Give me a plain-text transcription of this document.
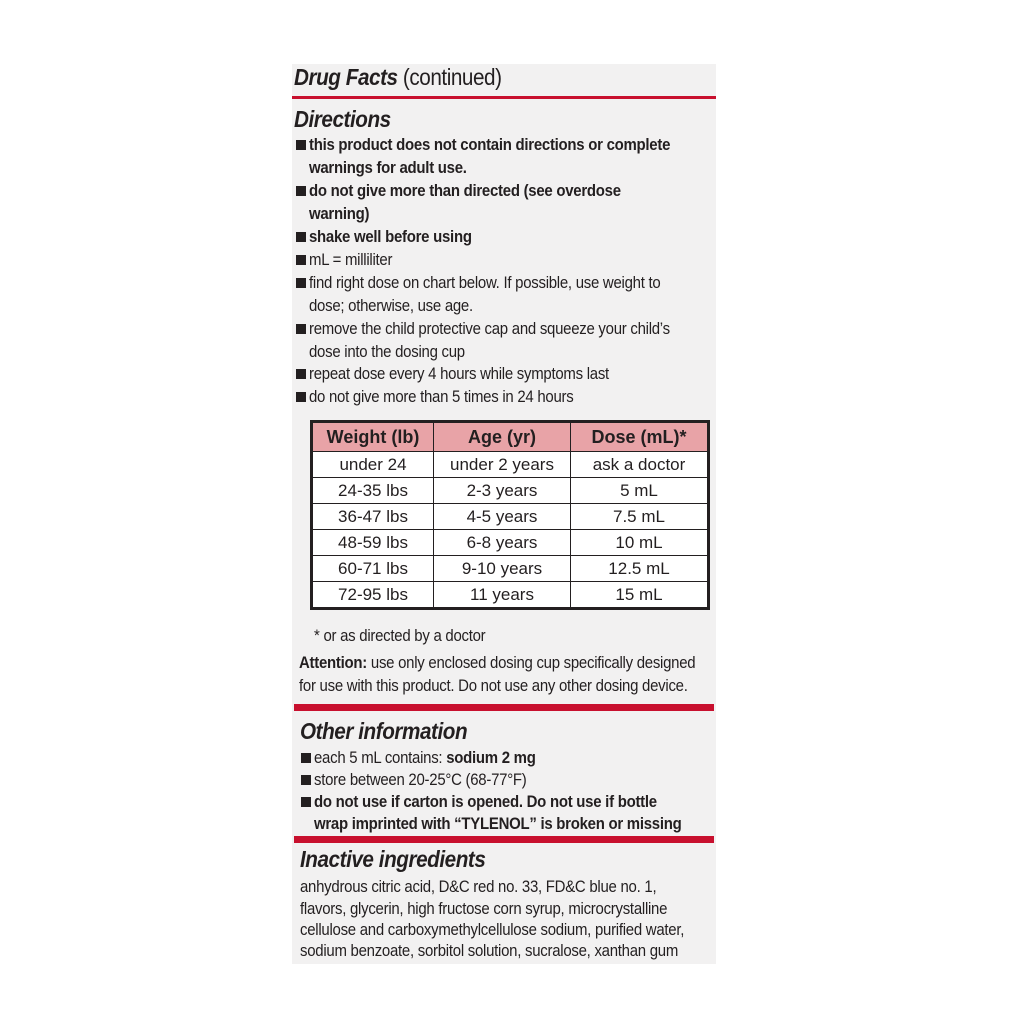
Drug Facts (continued)
Directions
this product does not contain directions or complete
warnings for adult use.
do not give more than directed (see overdose
warning)
shake well before using
mL = milliliter
find right dose on chart below. If possible, use weight to
dose; otherwise, use age.
remove the child protective cap and squeeze your child’s
dose into the dosing cup
repeat dose every 4 hours while symptoms last
do not give more than 5 times in 24 hours
Weight (lb)	Age (yr)	Dose (mL)*
under 24	under 2 years	ask a doctor
24-35 lbs	2-3 years	5 mL
36-47 lbs	4-5 years	7.5 mL
48-59 lbs	6-8 years	10 mL
60-71 lbs	9-10 years	12.5 mL
72-95 lbs	11 years	15 mL
* or as directed by a doctor
Attention: use only enclosed dosing cup specifically designed
for use with this product. Do not use any other dosing device.
Other information
each 5 mL contains: sodium 2 mg
store between 20-25°C (68-77°F)
do not use if carton is opened. Do not use if bottle
wrap imprinted with “TYLENOL” is broken or missing
Inactive ingredients
anhydrous citric acid, D&C red no. 33, FD&C blue no. 1,
flavors, glycerin, high fructose corn syrup, microcrystalline
cellulose and carboxymethylcellulose sodium, purified water,
sodium benzoate, sorbitol solution, sucralose, xanthan gum
